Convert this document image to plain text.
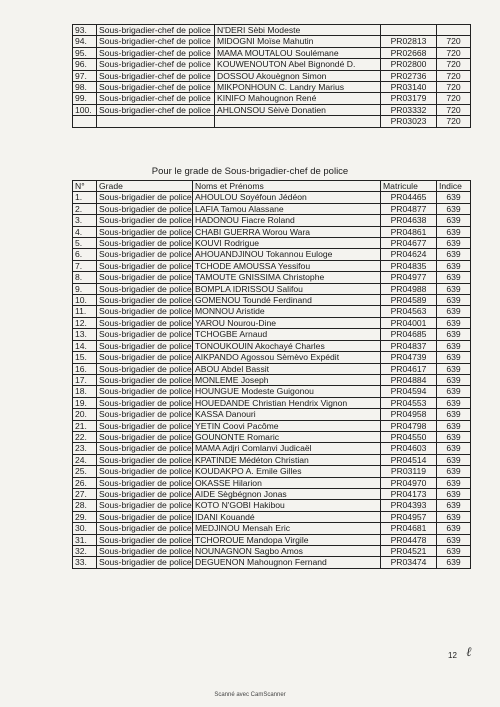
93.	Sous-brigadier-chef de police	N'DERI Sèbi Modeste		
94.	Sous-brigadier-chef de police	MIDOGNI Moïse Mahutin	PR02813	720
95.	Sous-brigadier-chef de police	MAMA MOUTALOU Soulémane	PR02668	720
96.	Sous-brigadier-chef de police	KOUWENOUTON Abel Bignondé D.	PR02800	720
97.	Sous-brigadier-chef de police	DOSSOU Akouègnon Simon	PR02736	720
98.	Sous-brigadier-chef de police	MIKPONHOUN C. Landry Marius	PR03140	720
99.	Sous-brigadier-chef de police	KINIFO Mahougnon René	PR03179	720
100.	Sous-brigadier-chef de police	AHLONSOU Sèivè Donatien	PR03332	720
			PR03023	720
Pour le grade de Sous-brigadier-chef de police
N°	Grade	Noms et Prénoms	Matricule	Indice
1.	Sous-brigadier de police	AHOULOU Soyéfoun Jédéon	PR04465	639
2.	Sous-brigadier de police	LAFIA Tamou Alassane	PR04877	639
3.	Sous-brigadier de police	HADONOU Fiacre Roland	PR04638	639
4.	Sous-brigadier de police	CHABI GUERRA Worou Wara	PR04861	639
5.	Sous-brigadier de police	KOUVI Rodrigue	PR04677	639
6.	Sous-brigadier de police	AHOUANDJINOU Tokannou Euloge	PR04624	639
7.	Sous-brigadier de police	TCHODE AMOUSSA Yessifou	PR04835	639
8.	Sous-brigadier de police	TAMOUTE GNISSIMA Christophe	PR04977	639
9.	Sous-brigadier de police	BOMPLA IDRISSOU Salifou	PR04988	639
10.	Sous-brigadier de police	GOMENOU Toundé Ferdinand	PR04589	639
11.	Sous-brigadier de police	MONNOU Aristide	PR04563	639
12.	Sous-brigadier de police	YAROU Nourou-Dine	PR04001	639
13.	Sous-brigadier de police	TCHOGBE Arnaud	PR04685	639
14.	Sous-brigadier de police	TONOUKOUIN Akochayé Charles	PR04837	639
15.	Sous-brigadier de police	AIKPANDO Agossou Sèmèvo Expédit	PR04739	639
16.	Sous-brigadier de police	ABOU Abdel Bassit	PR04617	639
17.	Sous-brigadier de police	MONLEME Joseph	PR04884	639
18.	Sous-brigadier de police	HOUNGUE Modeste Guigonou	PR04594	639
19.	Sous-brigadier de police	HOUEDANDE Christian Hendrix Vignon	PR04553	639
20.	Sous-brigadier de police	KASSA Danouri	PR04958	639
21.	Sous-brigadier de police	YETIN Coovi Pacôme	PR04798	639
22.	Sous-brigadier de police	GOUNONTE Romaric	PR04550	639
23.	Sous-brigadier de police	MAMA Adjri Comlanvi Judicaël	PR04603	639
24.	Sous-brigadier de police	KPATINDE Médéton Christian	PR04514	639
25.	Sous-brigadier de police	KOUDAKPO A. Emile Gilles	PR03119	639
26.	Sous-brigadier de police	OKASSE Hilarion	PR04970	639
27.	Sous-brigadier de police	AIDE Sègbégnon Jonas	PR04173	639
28.	Sous-brigadier de police	KOTO N'GOBI Hakibou	PR04393	639
29.	Sous-brigadier de police	IDANI Kouandé	PR04957	639
30.	Sous-brigadier de police	MEDJINOU Mensah Eric	PR04681	639
31.	Sous-brigadier de police	TCHOROUE Mandopa Virgile	PR04478	639
32.	Sous-brigadier de police	NOUNAGNON Sagbo Amos	PR04521	639
33.	Sous-brigadier de police	DEGUENON Mahougnon Fernand	PR03474	639
ℓ
12
Scanné avec CamScanner
